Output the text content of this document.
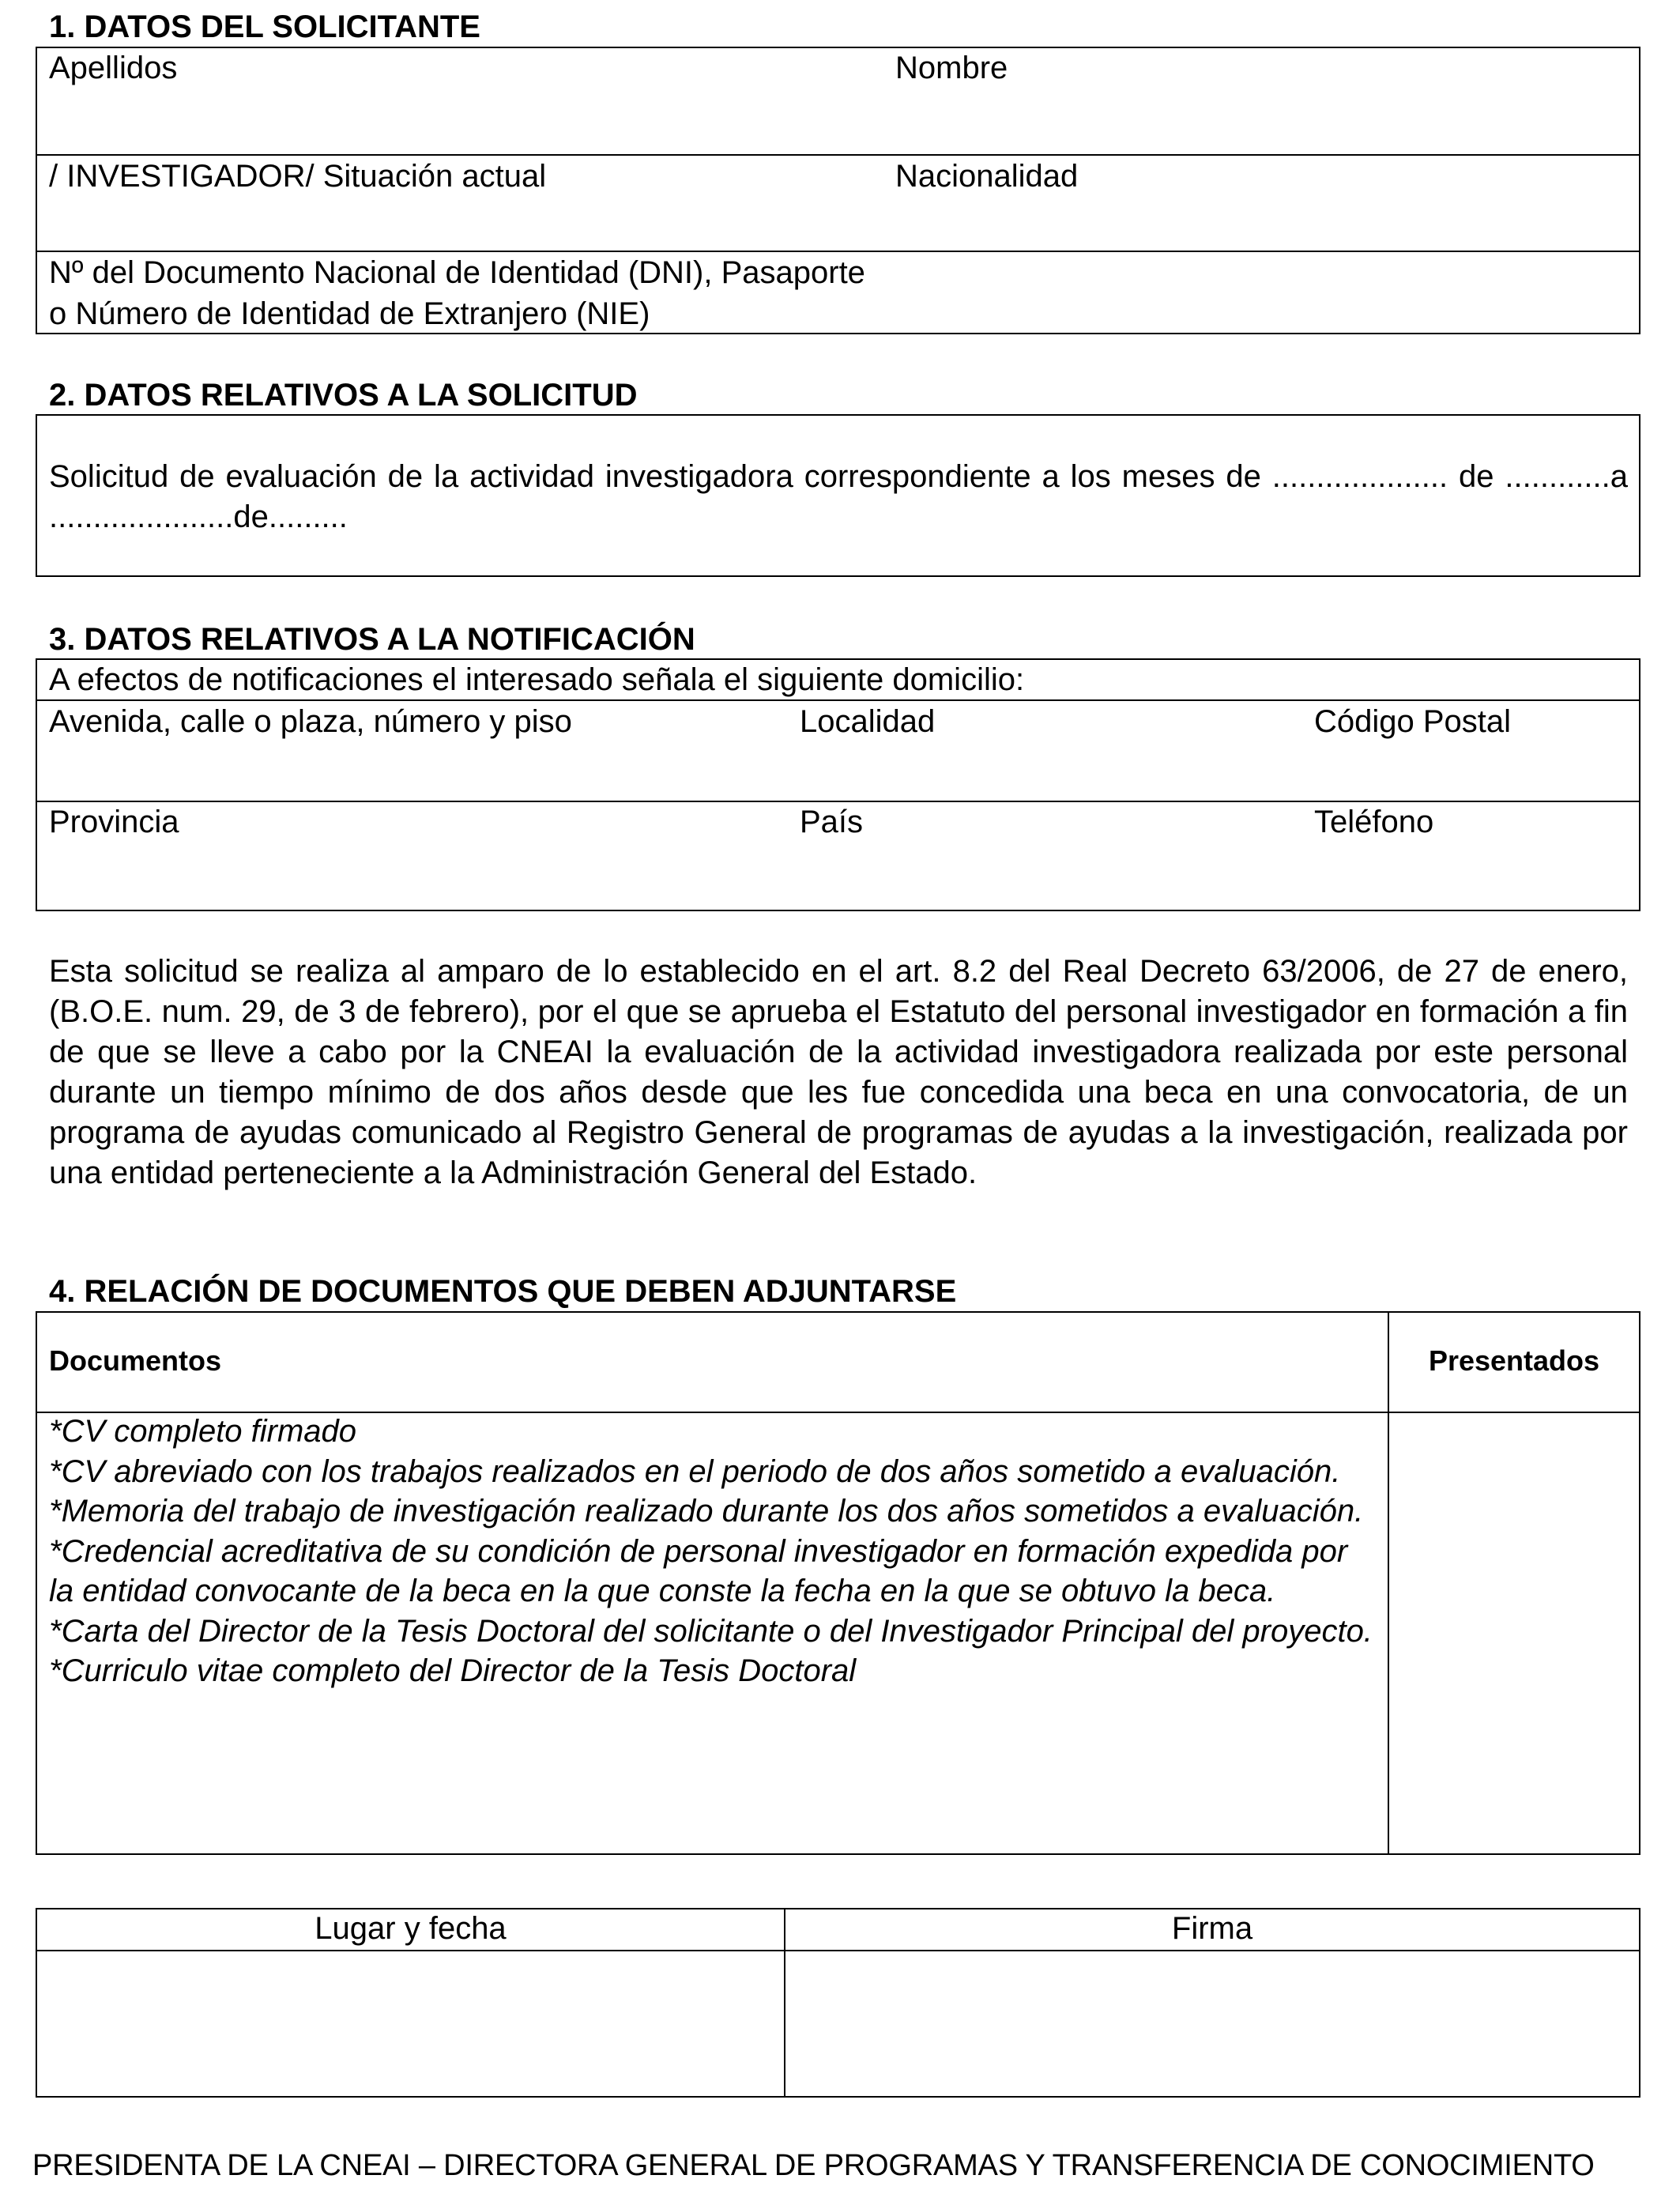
1. DATOS DEL SOLICITANTE
Apellidos	Nombre
/ INVESTIGADOR/ Situación actual	Nacionalidad
Nº del Documento Nacional de Identidad (DNI), Pasaporte
o Número de Identidad de Extranjero (NIE)
2. DATOS RELATIVOS A LA SOLICITUD
Solicitud de evaluación de la actividad investigadora correspondiente a los meses de .................... de ............a .....................de.........
3. DATOS RELATIVOS A LA NOTIFICACIÓN
A efectos de notificaciones el interesado señala el siguiente domicilio:
Avenida, calle o plaza, número y piso	Localidad	Código Postal
Provincia	País	Teléfono
Esta solicitud se realiza al amparo de lo establecido en el art. 8.2 del Real Decreto 63/2006, de 27 de enero, (B.O.E. num. 29, de 3 de febrero), por el que se aprueba el Estatuto del personal investigador en formación a fin de que se lleve a cabo por la CNEAI la evaluación de la actividad investigadora realizada por este personal durante un tiempo mínimo de dos años desde que les fue concedida una beca en una convocatoria, de un programa de ayudas comunicado al Registro General de programas de ayudas a la investigación, realizada por una entidad perteneciente a la Administración General del Estado.
4. RELACIÓN DE DOCUMENTOS QUE DEBEN ADJUNTARSE
Documentos	Presentados
*CV completo firmado
*CV abreviado con los trabajos realizados en el periodo de dos años sometido a evaluación.
*Memoria del trabajo de investigación realizado durante los dos años sometidos a evaluación.
*Credencial acreditativa de su condición de personal investigador en formación expedida por la entidad convocante de la beca en la que conste la fecha en la que se obtuvo la beca.
*Carta del Director de la Tesis Doctoral del solicitante o del Investigador Principal del proyecto.
*Curriculo vitae completo del Director de la Tesis Doctoral
Lugar y fecha	Firma
PRESIDENTA DE LA CNEAI – DIRECTORA GENERAL DE PROGRAMAS Y TRANSFERENCIA DE CONOCIMIENTO
